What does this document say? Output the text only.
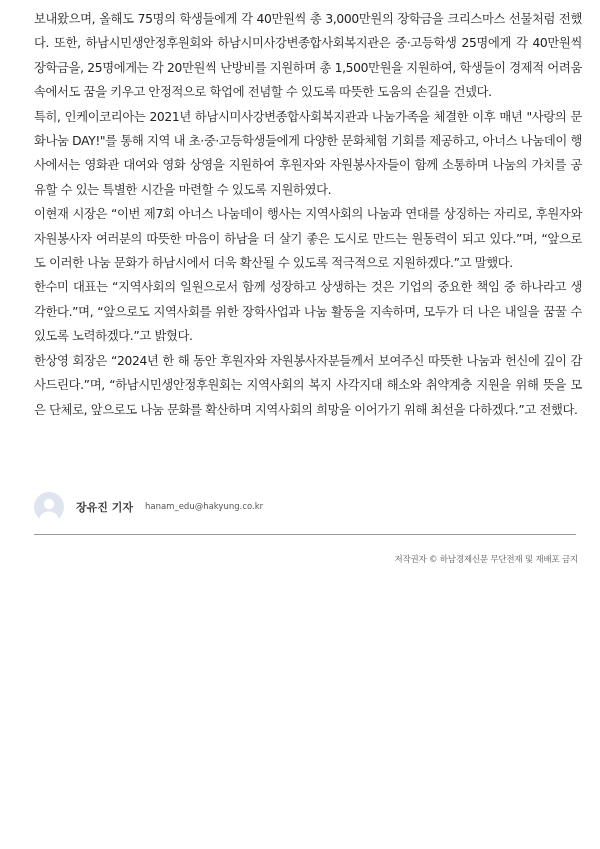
보내왔으며, 올해도 75명의 학생들에게 각 40만원씩 총 3,000만원의 장학금을 크리스마스 선물처럼 전했다. 또한, 하남시민생안정후원회와 하남시미사강변종합사회복지관은 중·고등학생 25명에게 각 40만원씩 장학금을, 25명에게는 각 20만원씩 난방비를 지원하며 총 1,500만원을 지원하여, 학생들이 경제적 어려움 속에서도 꿈을 키우고 안정적으로 학업에 전념할 수 있도록 따뜻한 도움의 손길을 건넸다.

특히, 인케이코리아는 2021년 하남시미사강변종합사회복지관과 나눔가족을 체결한 이후 매년 "사랑의 문화나눔 DAY!"를 통해 지역 내 초·중·고등학생들에게 다양한 문화체험 기회를 제공하고, 아너스 나눔데이 행사에서는 영화관 대여와 영화 상영을 지원하여 후원자와 자원봉사자들이 함께 소통하며 나눔의 가치를 공유할 수 있는 특별한 시간을 마련할 수 있도록 지원하였다.

이현재 시장은 “이번 제7회 아너스 나눔데이 행사는 지역사회의 나눔과 연대를 상징하는 자리로, 후원자와 자원봉사자 여러분의 따뜻한 마음이 하남을 더 살기 좋은 도시로 만드는 원동력이 되고 있다.”며, “앞으로도 이러한 나눔 문화가 하남시에서 더욱 확산될 수 있도록 적극적으로 지원하겠다.”고 말했다.

한수미 대표는 “지역사회의 일원으로서 함께 성장하고 상생하는 것은 기업의 중요한 책임 중 하나라고 생각한다.”며, “앞으로도 지역사회를 위한 장학사업과 나눔 활동을 지속하며, 모두가 더 나은 내일을 꿈꿀 수 있도록 노력하겠다.”고 밝혔다.

한상영 회장은 “2024년 한 해 동안 후원자와 자원봉사자분들께서 보여주신 따뜻한 나눔과 헌신에 깊이 감사드린다.”며, “하남시민생안정후원회는 지역사회의 복지 사각지대 해소와 취약계층 지원을 위해 뜻을 모은 단체로, 앞으로도 나눔 문화를 확산하며 지역사회의 희망을 이어가기 위해 최선을 다하겠다.”고 전했다.

장유진 기자 hanam_edu@hakyung.co.kr
저작권자 © 하남경제신문 무단전재 및 재배포 금지
